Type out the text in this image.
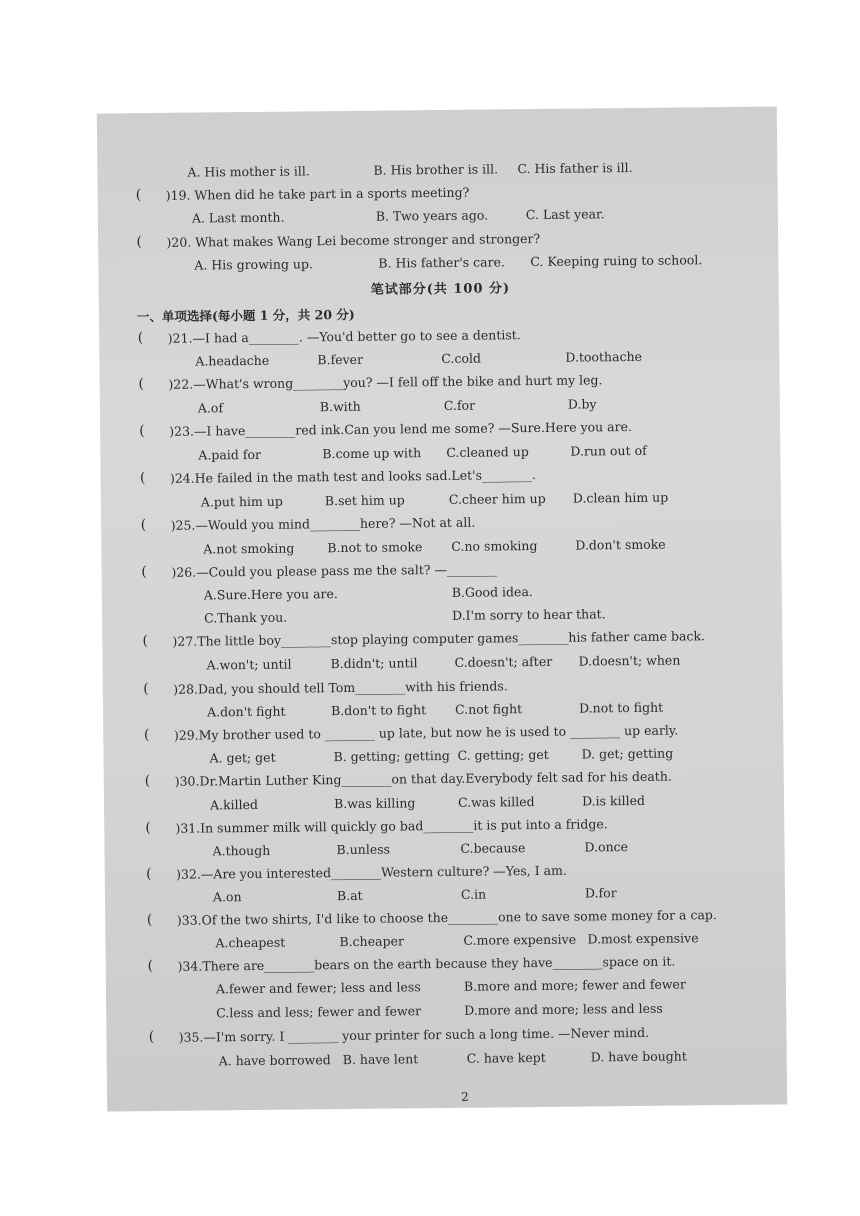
笔试部分(共 100 分)
一、单项选择(每小题 1 分，共 20 分)
2
A. His mother is ill.	B. His brother is ill. C. His father is ill.
( )19. When did he take part in a sports meeting?
A. Last month.	B. Two years ago.	C. Last year.
( )20. What makes Wang Lei become stronger and stronger?
A. His growing up.	B. His father's care. C. Keeping ruing to school.
( )21.—I had a________. —You'd better go to see a dentist.
A.headache	B.fever	C.cold	D.toothache
( )22.—What's wrong________you? —I fell off the bike and hurt my leg.
A.of	B.with	C.for	D.by
( )23.—I have________red ink.Can you lend me some? —Sure.Here you are.
A.paid for	B.come up with C.cleaned up	D.run out of
( )24.He failed in the math test and looks sad.Let's________.
A.put him up	B.set him up	C.cheer him up D.clean him up
( )25.—Would you mind________here? —Not at all.
A.not smoking	B.not to smoke C.no smoking	D.don't smoke
( )26.—Could you please pass me the salt? —________
A.Sure.Here you are.	B.Good idea.
C.Thank you.	D.I'm sorry to hear that.
( )27.The little boy________stop playing computer games________his father came back.
A.won't; until	B.didn't; until	C.doesn't; after D.doesn't; when
( )28.Dad, you should tell Tom________with his friends.
A.don't fight	B.don't to fight C.not fight	D.not to fight
( )29.My brother used to ________ up late, but now he is used to ________ up early.
A. get; get	B. getting; getting C. getting; get	D. get; getting
( )30.Dr.Martin Luther King________on that day.Everybody felt sad for his death.
A.killed	B.was killing	C.was killed	D.is killed
( )31.In summer milk will quickly go bad________it is put into a fridge.
A.though	B.unless	C.because	D.once
( )32.—Are you interested________Western culture? —Yes, I am.
A.on	B.at	C.in	D.for
( )33.Of the two shirts, I'd like to choose the________one to save some money for a cap.
A.cheapest	B.cheaper	C.more expensive D.most expensive
( )34.There are________bears on the earth because they have________space on it.
A.fewer and fewer; less and less	B.more and more; fewer and fewer
C.less and less; fewer and fewer	D.more and more; less and less
( )35.—I'm sorry. I ________ your printer for such a long time. —Never mind.
A. have borrowed B. have lent	C. have kept	D. have bought
